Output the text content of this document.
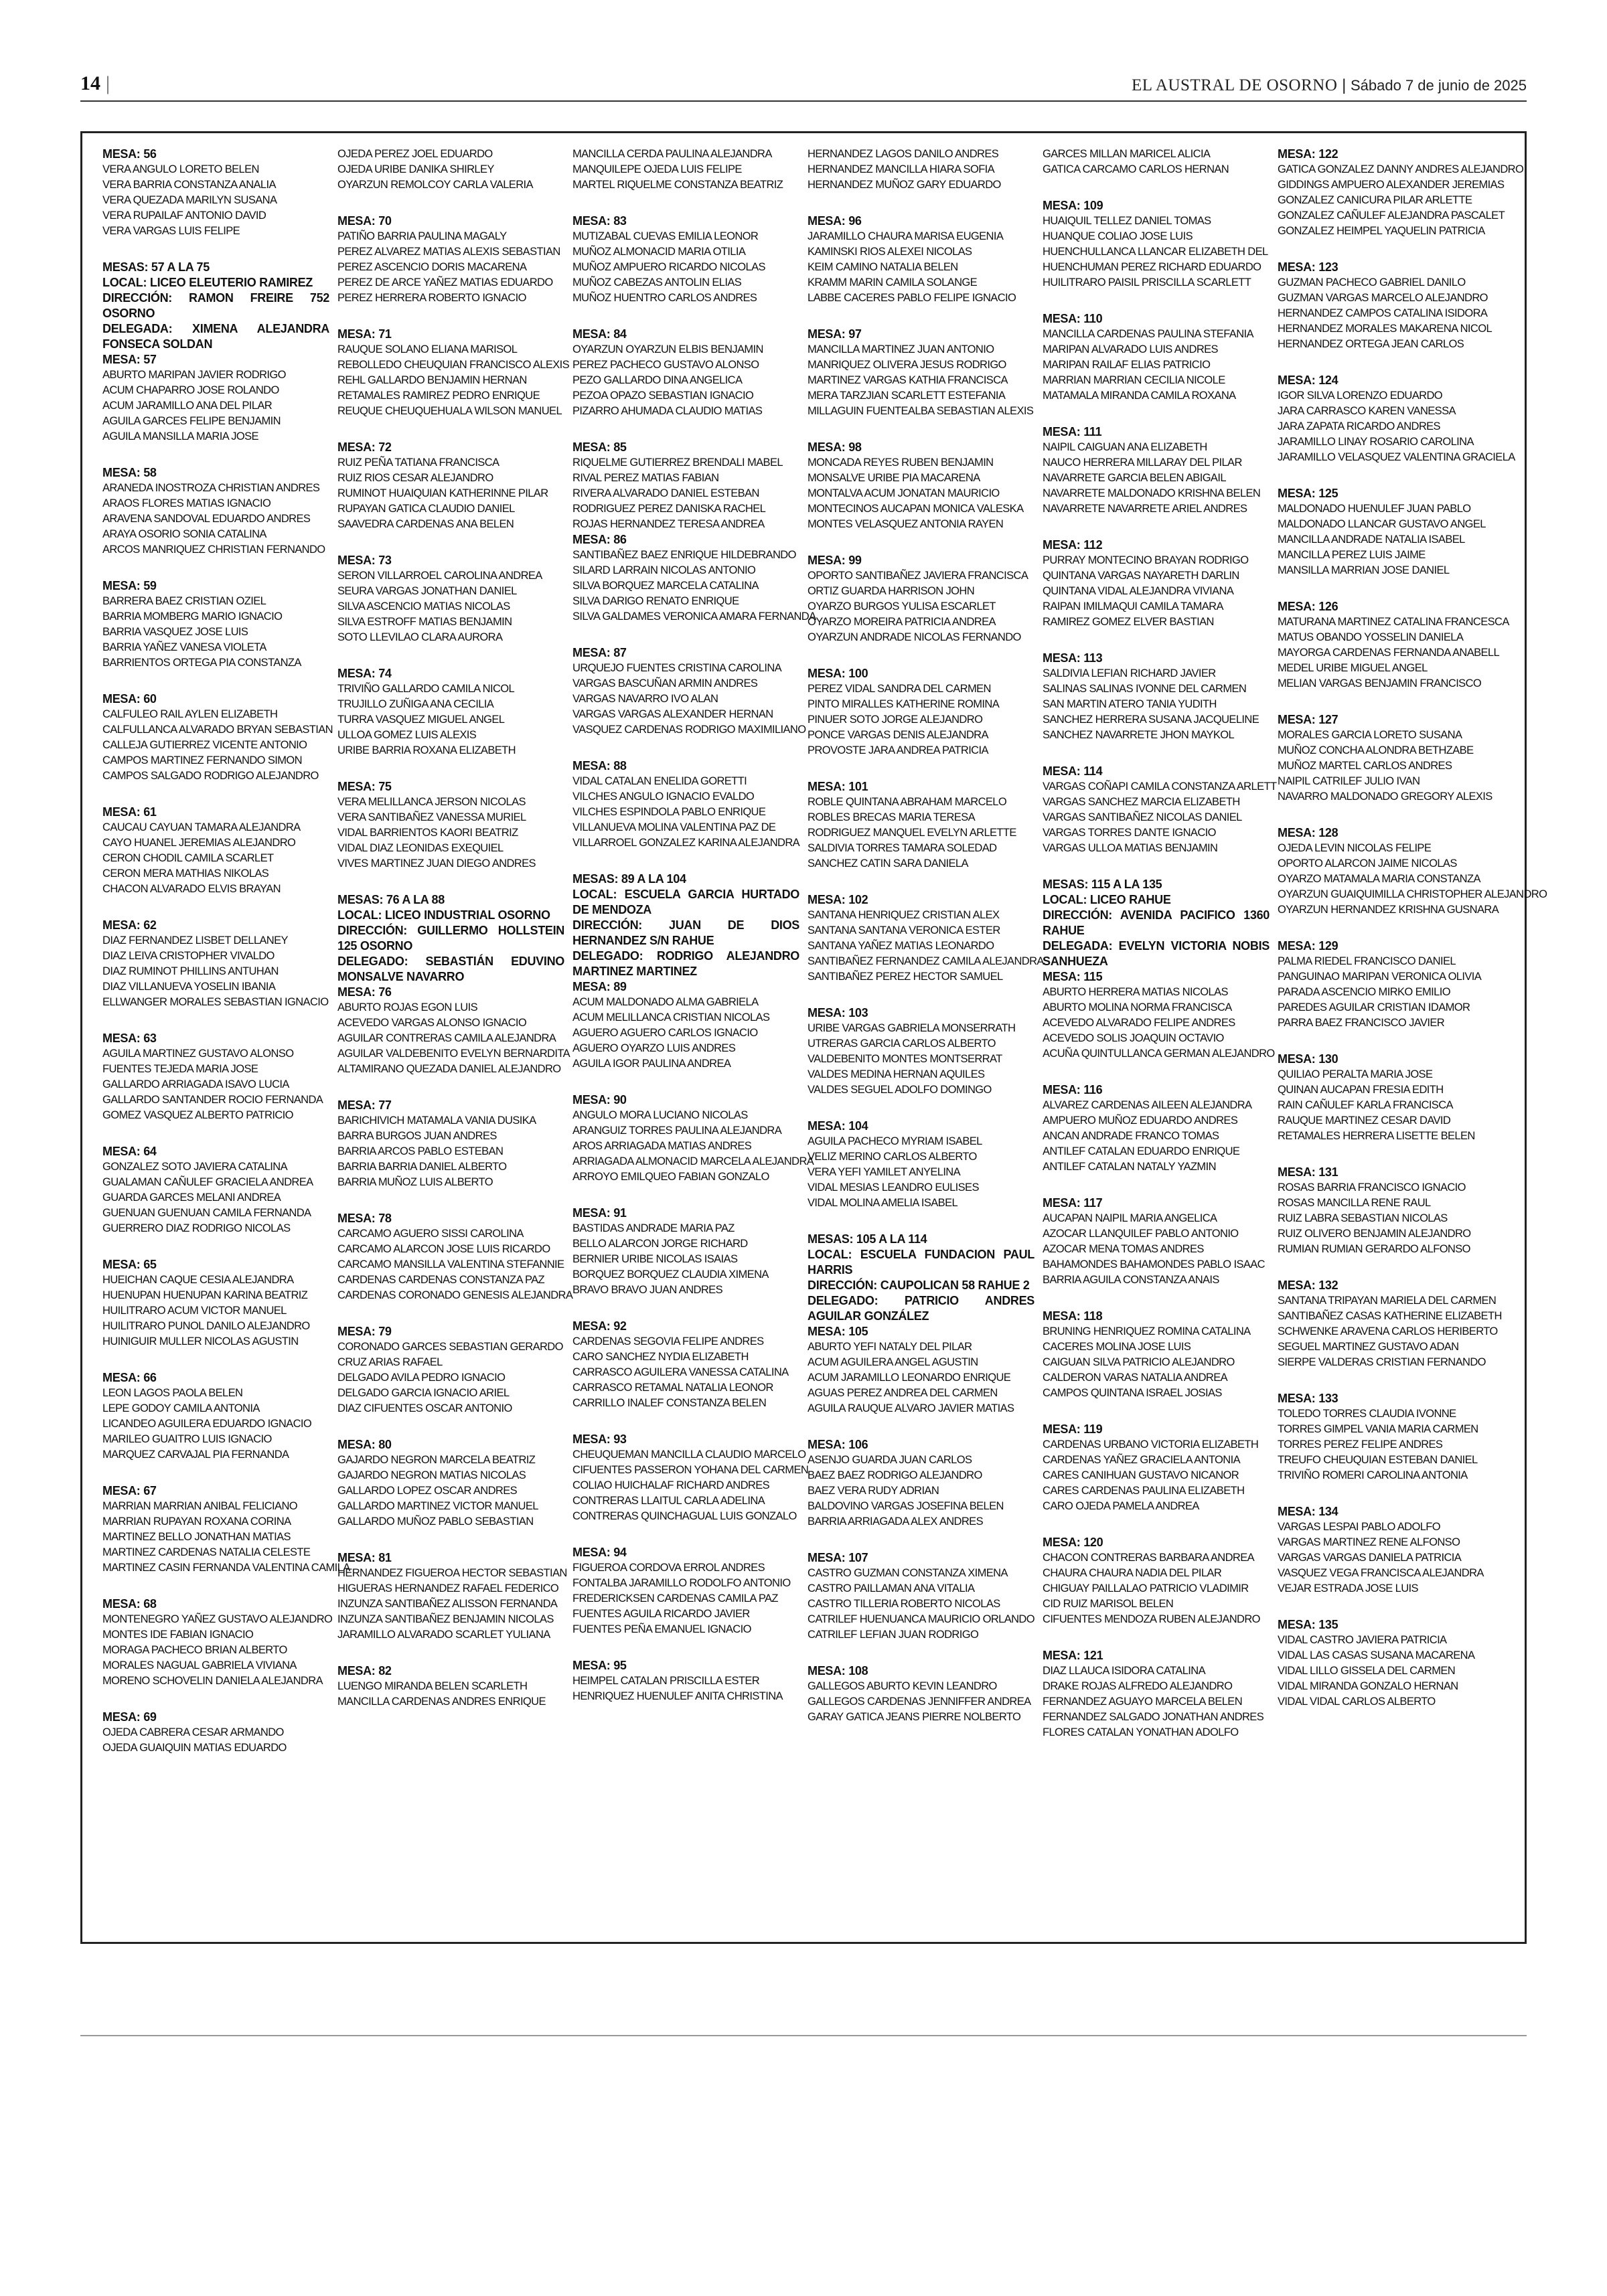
14 |	EL AUSTRAL DE OSORNO | Sábado 7 de junio de 2025
MESA: 56
VERA ANGULO LORETO BELEN
VERA BARRIA CONSTANZA ANALIA
VERA QUEZADA MARILYN SUSANA
VERA RUPAILAF ANTONIO DAVID
VERA VARGAS LUIS FELIPE
MESAS: 57 A LA 75
LOCAL: LICEO ELEUTERIO RAMIREZ
DIRECCIÓN: RAMON FREIRE 752 OSORNO
DELEGADA: XIMENA ALEJANDRA FONSECA SOLDAN
MESA: 57
ABURTO MARIPAN JAVIER RODRIGO
ACUM CHAPARRO JOSE ROLANDO
ACUM JARAMILLO ANA DEL PILAR
AGUILA GARCES FELIPE BENJAMIN
AGUILA MANSILLA MARIA JOSE
MESA: 58
ARANEDA INOSTROZA CHRISTIAN ANDRES
ARAOS FLORES MATIAS IGNACIO
ARAVENA SANDOVAL EDUARDO ANDRES
ARAYA OSORIO SONIA CATALINA
ARCOS MANRIQUEZ CHRISTIAN FERNANDO
MESA: 59
BARRERA BAEZ CRISTIAN OZIEL
BARRIA MOMBERG MARIO IGNACIO
BARRIA VASQUEZ JOSE LUIS
BARRIA YAÑEZ VANESA VIOLETA
BARRIENTOS ORTEGA PIA CONSTANZA
MESA: 60
CALFULEO RAIL AYLEN ELIZABETH
CALFULLANCA ALVARADO BRYAN SEBASTIAN
CALLEJA GUTIERREZ VICENTE ANTONIO
CAMPOS MARTINEZ FERNANDO SIMON
CAMPOS SALGADO RODRIGO ALEJANDRO
MESA: 61
CAUCAU CAYUAN TAMARA ALEJANDRA
CAYO HUANEL JEREMIAS ALEJANDRO
CERON CHODIL CAMILA SCARLET
CERON MERA MATHIAS NIKOLAS
CHACON ALVARADO ELVIS BRAYAN
MESA: 62
DIAZ FERNANDEZ LISBET DELLANEY
DIAZ LEIVA CRISTOPHER VIVALDO
DIAZ RUMINOT PHILLINS ANTUHAN
DIAZ VILLANUEVA YOSELIN IBANIA
ELLWANGER MORALES SEBASTIAN IGNACIO
MESA: 63
AGUILA MARTINEZ GUSTAVO ALONSO
FUENTES TEJEDA MARIA JOSE
GALLARDO ARRIAGADA ISAVO LUCIA
GALLARDO SANTANDER ROCIO FERNANDA
GOMEZ VASQUEZ ALBERTO PATRICIO
MESA: 64
GONZALEZ SOTO JAVIERA CATALINA
GUALAMAN CAÑULEF GRACIELA ANDREA
GUARDA GARCES MELANI ANDREA
GUENUAN GUENUAN CAMILA FERNANDA
GUERRERO DIAZ RODRIGO NICOLAS
MESA: 65
HUEICHAN CAQUE CESIA ALEJANDRA
HUENUPAN HUENUPAN KARINA BEATRIZ
HUILITRARO ACUM VICTOR MANUEL
HUILITRARO PUNOL DANILO ALEJANDRO
HUINIGUIR MULLER NICOLAS AGUSTIN
MESA: 66
LEON LAGOS PAOLA BELEN
LEPE GODOY CAMILA ANTONIA
LICANDEO AGUILERA EDUARDO IGNACIO
MARILEO GUAITRO LUIS IGNACIO
MARQUEZ CARVAJAL PIA FERNANDA
MESA: 67
MARRIAN MARRIAN ANIBAL FELICIANO
MARRIAN RUPAYAN ROXANA CORINA
MARTINEZ BELLO JONATHAN MATIAS
MARTINEZ CARDENAS NATALIA CELESTE
MARTINEZ CASIN FERNANDA VALENTINA CAMILA
MESA: 68
MONTENEGRO YAÑEZ GUSTAVO ALEJANDRO
MONTES IDE FABIAN IGNACIO
MORAGA PACHECO BRIAN ALBERTO
MORALES NAGUAL GABRIELA VIVIANA
MORENO SCHOVELIN DANIELA ALEJANDRA
MESA: 69
OJEDA CABRERA CESAR ARMANDO
OJEDA GUAIQUIN MATIAS EDUARDO
OJEDA PEREZ JOEL EDUARDO
OJEDA URIBE DANIKA SHIRLEY
OYARZUN REMOLCOY CARLA VALERIA
MESA: 70
PATIÑO BARRIA PAULINA MAGALY
PEREZ ALVAREZ MATIAS ALEXIS SEBASTIAN
PEREZ ASCENCIO DORIS MACARENA
PEREZ DE ARCE YAÑEZ MATIAS EDUARDO
PEREZ HERRERA ROBERTO IGNACIO
MESA: 71
RAUQUE SOLANO ELIANA MARISOL
REBOLLEDO CHEUQUIAN FRANCISCO ALEXIS
REHL GALLARDO BENJAMIN HERNAN
RETAMALES RAMIREZ PEDRO ENRIQUE
REUQUE CHEUQUEHUALA WILSON MANUEL
MESA: 72
RUIZ PEÑA TATIANA FRANCISCA
RUIZ RIOS CESAR ALEJANDRO
RUMINOT HUAIQUIAN KATHERINNE PILAR
RUPAYAN GATICA CLAUDIO DANIEL
SAAVEDRA CARDENAS ANA BELEN
MESA: 73
SERON VILLARROEL CAROLINA ANDREA
SEURA VARGAS JONATHAN DANIEL
SILVA ASCENCIO MATIAS NICOLAS
SILVA ESTROFF MATIAS BENJAMIN
SOTO LLEVILAO CLARA AURORA
MESA: 74
TRIVIÑO GALLARDO CAMILA NICOL
TRUJILLO ZUÑIGA ANA CECILIA
TURRA VASQUEZ MIGUEL ANGEL
ULLOA GOMEZ LUIS ALEXIS
URIBE BARRIA ROXANA ELIZABETH
MESA: 75
VERA MELILLANCA JERSON NICOLAS
VERA SANTIBAÑEZ VANESSA MURIEL
VIDAL BARRIENTOS KAORI BEATRIZ
VIDAL DIAZ LEONIDAS EXEQUIEL
VIVES MARTINEZ JUAN DIEGO ANDRES
MESAS: 76 A LA 88
LOCAL: LICEO INDUSTRIAL OSORNO
DIRECCIÓN: GUILLERMO HOLLSTEIN 125 OSORNO
DELEGADO: SEBASTIÁN EDUVINO MONSALVE NAVARRO
MESA: 76
ABURTO ROJAS EGON LUIS
ACEVEDO VARGAS ALONSO IGNACIO
AGUILAR CONTRERAS CAMILA ALEJANDRA
AGUILAR VALDEBENITO EVELYN BERNARDITA
ALTAMIRANO QUEZADA DANIEL ALEJANDRO
MESA: 77
BARICHIVICH MATAMALA VANIA DUSIKA
BARRA BURGOS JUAN ANDRES
BARRIA ARCOS PABLO ESTEBAN
BARRIA BARRIA DANIEL ALBERTO
BARRIA MUÑOZ LUIS ALBERTO
MESA: 78
CARCAMO AGUERO SISSI CAROLINA
CARCAMO ALARCON JOSE LUIS RICARDO
CARCAMO MANSILLA VALENTINA STEFANNIE
CARDENAS CARDENAS CONSTANZA PAZ
CARDENAS CORONADO GENESIS ALEJANDRA
MESA: 79
CORONADO GARCES SEBASTIAN GERARDO
CRUZ ARIAS RAFAEL
DELGADO AVILA PEDRO IGNACIO
DELGADO GARCIA IGNACIO ARIEL
DIAZ CIFUENTES OSCAR ANTONIO
MESA: 80
GAJARDO NEGRON MARCELA BEATRIZ
GAJARDO NEGRON MATIAS NICOLAS
GALLARDO LOPEZ OSCAR ANDRES
GALLARDO MARTINEZ VICTOR MANUEL
GALLARDO MUÑOZ PABLO SEBASTIAN
MESA: 81
HERNANDEZ FIGUEROA HECTOR SEBASTIAN
HIGUERAS HERNANDEZ RAFAEL FEDERICO
INZUNZA SANTIBAÑEZ ALISSON FERNANDA
INZUNZA SANTIBAÑEZ BENJAMIN NICOLAS
JARAMILLO ALVARADO SCARLET YULIANA
MESA: 82
LUENGO MIRANDA BELEN SCARLETH
MANCILLA CARDENAS ANDRES ENRIQUE
MANCILLA CERDA PAULINA ALEJANDRA
MANQUILEPE OJEDA LUIS FELIPE
MARTEL RIQUELME CONSTANZA BEATRIZ
MESA: 83
MUTIZABAL CUEVAS EMILIA LEONOR
MUÑOZ ALMONACID MARIA OTILIA
MUÑOZ AMPUERO RICARDO NICOLAS
MUÑOZ CABEZAS ANTOLIN ELIAS
MUÑOZ HUENTRO CARLOS ANDRES
MESA: 84
OYARZUN OYARZUN ELBIS BENJAMIN
PEREZ PACHECO GUSTAVO ALONSO
PEZO GALLARDO DINA ANGELICA
PEZOA OPAZO SEBASTIAN IGNACIO
PIZARRO AHUMADA CLAUDIO MATIAS
MESA: 85
RIQUELME GUTIERREZ BRENDALI MABEL
RIVAL PEREZ MATIAS FABIAN
RIVERA ALVARADO DANIEL ESTEBAN
RODRIGUEZ PEREZ DANISKA RACHEL
ROJAS HERNANDEZ TERESA ANDREA
MESA: 86
SANTIBAÑEZ BAEZ ENRIQUE HILDEBRANDO
SILARD LARRAIN NICOLAS ANTONIO
SILVA BORQUEZ MARCELA CATALINA
SILVA DARIGO RENATO ENRIQUE
SILVA GALDAMES VERONICA AMARA FERNANDA
MESA: 87
URQUEJO FUENTES CRISTINA CAROLINA
VARGAS BASCUÑAN ARMIN ANDRES
VARGAS NAVARRO IVO ALAN
VARGAS VARGAS ALEXANDER HERNAN
VASQUEZ CARDENAS RODRIGO MAXIMILIANO
MESA: 88
VIDAL CATALAN ENELIDA GORETTI
VILCHES ANGULO IGNACIO EVALDO
VILCHES ESPINDOLA PABLO ENRIQUE
VILLANUEVA MOLINA VALENTINA PAZ DE
VILLARROEL GONZALEZ KARINA ALEJANDRA
MESAS: 89 A LA 104
LOCAL: ESCUELA GARCIA HURTADO DE MENDOZA
DIRECCIÓN: JUAN DE DIOS HERNANDEZ S/N RAHUE
DELEGADO: RODRIGO ALEJANDRO MARTINEZ MARTINEZ
MESA: 89
ACUM MALDONADO ALMA GABRIELA
ACUM MELILLANCA CRISTIAN NICOLAS
AGUERO AGUERO CARLOS IGNACIO
AGUERO OYARZO LUIS ANDRES
AGUILA IGOR PAULINA ANDREA
MESA: 90
ANGULO MORA LUCIANO NICOLAS
ARANGUIZ TORRES PAULINA ALEJANDRA
AROS ARRIAGADA MATIAS ANDRES
ARRIAGADA ALMONACID MARCELA ALEJANDRA
ARROYO EMILQUEO FABIAN GONZALO
MESA: 91
BASTIDAS ANDRADE MARIA PAZ
BELLO ALARCON JORGE RICHARD
BERNIER URIBE NICOLAS ISAIAS
BORQUEZ BORQUEZ CLAUDIA XIMENA
BRAVO BRAVO JUAN ANDRES
MESA: 92
CARDENAS SEGOVIA FELIPE ANDRES
CARO SANCHEZ NYDIA ELIZABETH
CARRASCO AGUILERA VANESSA CATALINA
CARRASCO RETAMAL NATALIA LEONOR
CARRILLO INALEF CONSTANZA BELEN
MESA: 93
CHEUQUEMAN MANCILLA CLAUDIO MARCELO
CIFUENTES PASSERON YOHANA DEL CARMEN
COLIAO HUICHALAF RICHARD ANDRES
CONTRERAS LLAITUL CARLA ADELINA
CONTRERAS QUINCHAGUAL LUIS GONZALO
MESA: 94
FIGUEROA CORDOVA ERROL ANDRES
FONTALBA JARAMILLO RODOLFO ANTONIO
FREDERICKSEN CARDENAS CAMILA PAZ
FUENTES AGUILA RICARDO JAVIER
FUENTES PEÑA EMANUEL IGNACIO
MESA: 95
HEIMPEL CATALAN PRISCILLA ESTER
HENRIQUEZ HUENULEF ANITA CHRISTINA
HERNANDEZ LAGOS DANILO ANDRES
HERNANDEZ MANCILLA HIARA SOFIA
HERNANDEZ MUÑOZ GARY EDUARDO
MESA: 96
JARAMILLO CHAURA MARISA EUGENIA
KAMINSKI RIOS ALEXEI NICOLAS
KEIM CAMINO NATALIA BELEN
KRAMM MARIN CAMILA SOLANGE
LABBE CACERES PABLO FELIPE IGNACIO
MESA: 97
MANCILLA MARTINEZ JUAN ANTONIO
MANRIQUEZ OLIVERA JESUS RODRIGO
MARTINEZ VARGAS KATHIA FRANCISCA
MERA TARZJIAN SCARLETT ESTEFANIA
MILLAGUIN FUENTEALBA SEBASTIAN ALEXIS
MESA: 98
MONCADA REYES RUBEN BENJAMIN
MONSALVE URIBE PIA MACARENA
MONTALVA ACUM JONATAN MAURICIO
MONTECINOS AUCAPAN MONICA VALESKA
MONTES VELASQUEZ ANTONIA RAYEN
MESA: 99
OPORTO SANTIBAÑEZ JAVIERA FRANCISCA
ORTIZ GUARDA HARRISON JOHN
OYARZO BURGOS YULISA ESCARLET
OYARZO MOREIRA PATRICIA ANDREA
OYARZUN ANDRADE NICOLAS FERNANDO
MESA: 100
PEREZ VIDAL SANDRA DEL CARMEN
PINTO MIRALLES KATHERINE ROMINA
PINUER SOTO JORGE ALEJANDRO
PONCE VARGAS DENIS ALEJANDRA
PROVOSTE JARA ANDREA PATRICIA
MESA: 101
ROBLE QUINTANA ABRAHAM MARCELO
ROBLES BRECAS MARIA TERESA
RODRIGUEZ MANQUEL EVELYN ARLETTE
SALDIVIA TORRES TAMARA SOLEDAD
SANCHEZ CATIN SARA DANIELA
MESA: 102
SANTANA HENRIQUEZ CRISTIAN ALEX
SANTANA SANTANA VERONICA ESTER
SANTANA YAÑEZ MATIAS LEONARDO
SANTIBAÑEZ FERNANDEZ CAMILA ALEJANDRA
SANTIBAÑEZ PEREZ HECTOR SAMUEL
MESA: 103
URIBE VARGAS GABRIELA MONSERRATH
UTRERAS GARCIA CARLOS ALBERTO
VALDEBENITO MONTES MONTSERRAT
VALDES MEDINA HERNAN AQUILES
VALDES SEGUEL ADOLFO DOMINGO
MESA: 104
AGUILA PACHECO MYRIAM ISABEL
VELIZ MERINO CARLOS ALBERTO
VERA YEFI YAMILET ANYELINA
VIDAL MESIAS LEANDRO EULISES
VIDAL MOLINA AMELIA ISABEL
MESAS: 105 A LA 114
LOCAL: ESCUELA FUNDACION PAUL HARRIS
DIRECCIÓN: CAUPOLICAN 58 RAHUE 2
DELEGADO: PATRICIO ANDRES AGUILAR GONZÁLEZ
MESA: 105
ABURTO YEFI NATALY DEL PILAR
ACUM AGUILERA ANGEL AGUSTIN
ACUM JARAMILLO LEONARDO ENRIQUE
AGUAS PEREZ ANDREA DEL CARMEN
AGUILA RAUQUE ALVARO JAVIER MATIAS
MESA: 106
ASENJO GUARDA JUAN CARLOS
BAEZ BAEZ RODRIGO ALEJANDRO
BAEZ VERA RUDY ADRIAN
BALDOVINO VARGAS JOSEFINA BELEN
BARRIA ARRIAGADA ALEX ANDRES
MESA: 107
CASTRO GUZMAN CONSTANZA XIMENA
CASTRO PAILLAMAN ANA VITALIA
CASTRO TILLERIA ROBERTO NICOLAS
CATRILEF HUENUANCA MAURICIO ORLANDO
CATRILEF LEFIAN JUAN RODRIGO
MESA: 108
GALLEGOS ABURTO KEVIN LEANDRO
GALLEGOS CARDENAS JENNIFFER ANDREA
GARAY GATICA JEANS PIERRE NOLBERTO
GARCES MILLAN MARICEL ALICIA
GATICA CARCAMO CARLOS HERNAN
MESA: 109
HUAIQUIL TELLEZ DANIEL TOMAS
HUANQUE COLIAO JOSE LUIS
HUENCHULLANCA LLANCAR ELIZABETH DEL
HUENCHUMAN PEREZ RICHARD EDUARDO
HUILITRARO PAISIL PRISCILLA SCARLETT
MESA: 110
MANCILLA CARDENAS PAULINA STEFANIA
MARIPAN ALVARADO LUIS ANDRES
MARIPAN RAILAF ELIAS PATRICIO
MARRIAN MARRIAN CECILIA NICOLE
MATAMALA MIRANDA CAMILA ROXANA
MESA: 111
NAIPIL CAIGUAN ANA ELIZABETH
NAUCO HERRERA MILLARAY DEL PILAR
NAVARRETE GARCIA BELEN ABIGAIL
NAVARRETE MALDONADO KRISHNA BELEN
NAVARRETE NAVARRETE ARIEL ANDRES
MESA: 112
PURRAY MONTECINO BRAYAN RODRIGO
QUINTANA VARGAS NAYARETH DARLIN
QUINTANA VIDAL ALEJANDRA VIVIANA
RAIPAN IMILMAQUI CAMILA TAMARA
RAMIREZ GOMEZ ELVER BASTIAN
MESA: 113
SALDIVIA LEFIAN RICHARD JAVIER
SALINAS SALINAS IVONNE DEL CARMEN
SAN MARTIN ATERO TANIA YUDITH
SANCHEZ HERRERA SUSANA JACQUELINE
SANCHEZ NAVARRETE JHON MAYKOL
MESA: 114
VARGAS COÑAPI CAMILA CONSTANZA ARLETT
VARGAS SANCHEZ MARCIA ELIZABETH
VARGAS SANTIBAÑEZ NICOLAS DANIEL
VARGAS TORRES DANTE IGNACIO
VARGAS ULLOA MATIAS BENJAMIN
MESAS: 115 A LA 135
LOCAL: LICEO RAHUE
DIRECCIÓN: AVENIDA PACIFICO 1360 RAHUE
DELEGADA: EVELYN VICTORIA NOBIS SANHUEZA
MESA: 115
ABURTO HERRERA MATIAS NICOLAS
ABURTO MOLINA NORMA FRANCISCA
ACEVEDO ALVARADO FELIPE ANDRES
ACEVEDO SOLIS JOAQUIN OCTAVIO
ACUÑA QUINTULLANCA GERMAN ALEJANDRO
MESA: 116
ALVAREZ CARDENAS AILEEN ALEJANDRA
AMPUERO MUÑOZ EDUARDO ANDRES
ANCAN ANDRADE FRANCO TOMAS
ANTILEF CATALAN EDUARDO ENRIQUE
ANTILEF CATALAN NATALY YAZMIN
MESA: 117
AUCAPAN NAIPIL MARIA ANGELICA
AZOCAR LLANQUILEF PABLO ANTONIO
AZOCAR MENA TOMAS ANDRES
BAHAMONDES BAHAMONDES PABLO ISAAC
BARRIA AGUILA CONSTANZA ANAIS
MESA: 118
BRUNING HENRIQUEZ ROMINA CATALINA
CACERES MOLINA JOSE LUIS
CAIGUAN SILVA PATRICIO ALEJANDRO
CALDERON VARAS NATALIA ANDREA
CAMPOS QUINTANA ISRAEL JOSIAS
MESA: 119
CARDENAS URBANO VICTORIA ELIZABETH
CARDENAS YAÑEZ GRACIELA ANTONIA
CARES CANIHUAN GUSTAVO NICANOR
CARES CARDENAS PAULINA ELIZABETH
CARO OJEDA PAMELA ANDREA
MESA: 120
CHACON CONTRERAS BARBARA ANDREA
CHAURA CHAURA NADIA DEL PILAR
CHIGUAY PAILLALAO PATRICIO VLADIMIR
CID RUIZ MARISOL BELEN
CIFUENTES MENDOZA RUBEN ALEJANDRO
MESA: 121
DIAZ LLAUCA ISIDORA CATALINA
DRAKE ROJAS ALFREDO ALEJANDRO
FERNANDEZ AGUAYO MARCELA BELEN
FERNANDEZ SALGADO JONATHAN ANDRES
FLORES CATALAN YONATHAN ADOLFO
MESA: 122
GATICA GONZALEZ DANNY ANDRES ALEJANDRO
GIDDINGS AMPUERO ALEXANDER JEREMIAS
GONZALEZ CANICURA PILAR ARLETTE
GONZALEZ CAÑULEF ALEJANDRA PASCALET
GONZALEZ HEIMPEL YAQUELIN PATRICIA
MESA: 123
GUZMAN PACHECO GABRIEL DANILO
GUZMAN VARGAS MARCELO ALEJANDRO
HERNANDEZ CAMPOS CATALINA ISIDORA
HERNANDEZ MORALES MAKARENA NICOL
HERNANDEZ ORTEGA JEAN CARLOS
MESA: 124
IGOR SILVA LORENZO EDUARDO
JARA CARRASCO KAREN VANESSA
JARA ZAPATA RICARDO ANDRES
JARAMILLO LINAY ROSARIO CAROLINA
JARAMILLO VELASQUEZ VALENTINA GRACIELA
MESA: 125
MALDONADO HUENULEF JUAN PABLO
MALDONADO LLANCAR GUSTAVO ANGEL
MANCILLA ANDRADE NATALIA ISABEL
MANCILLA PEREZ LUIS JAIME
MANSILLA MARRIAN JOSE DANIEL
MESA: 126
MATURANA MARTINEZ CATALINA FRANCESCA
MATUS OBANDO YOSSELIN DANIELA
MAYORGA CARDENAS FERNANDA ANABELL
MEDEL URIBE MIGUEL ANGEL
MELIAN VARGAS BENJAMIN FRANCISCO
MESA: 127
MORALES GARCIA LORETO SUSANA
MUÑOZ CONCHA ALONDRA BETHZABE
MUÑOZ MARTEL CARLOS ANDRES
NAIPIL CATRILEF JULIO IVAN
NAVARRO MALDONADO GREGORY ALEXIS
MESA: 128
OJEDA LEVIN NICOLAS FELIPE
OPORTO ALARCON JAIME NICOLAS
OYARZO MATAMALA MARIA CONSTANZA
OYARZUN GUAIQUIMILLA CHRISTOPHER ALEJANDRO
OYARZUN HERNANDEZ KRISHNA GUSNARA
MESA: 129
PALMA RIEDEL FRANCISCO DANIEL
PANGUINAO MARIPAN VERONICA OLIVIA
PARADA ASCENCIO MIRKO EMILIO
PAREDES AGUILAR CRISTIAN IDAMOR
PARRA BAEZ FRANCISCO JAVIER
MESA: 130
QUILIAO PERALTA MARIA JOSE
QUINAN AUCAPAN FRESIA EDITH
RAIN CAÑULEF KARLA FRANCISCA
RAUQUE MARTINEZ CESAR DAVID
RETAMALES HERRERA LISETTE BELEN
MESA: 131
ROSAS BARRIA FRANCISCO IGNACIO
ROSAS MANCILLA RENE RAUL
RUIZ LABRA SEBASTIAN NICOLAS
RUIZ OLIVERO BENJAMIN ALEJANDRO
RUMIAN RUMIAN GERARDO ALFONSO
MESA: 132
SANTANA TRIPAYAN MARIELA DEL CARMEN
SANTIBAÑEZ CASAS KATHERINE ELIZABETH
SCHWENKE ARAVENA CARLOS HERIBERTO
SEGUEL MARTINEZ GUSTAVO ADAN
SIERPE VALDERAS CRISTIAN FERNANDO
MESA: 133
TOLEDO TORRES CLAUDIA IVONNE
TORRES GIMPEL VANIA MARIA CARMEN
TORRES PEREZ FELIPE ANDRES
TREUFO CHEUQUIAN ESTEBAN DANIEL
TRIVIÑO ROMERI CAROLINA ANTONIA
MESA: 134
VARGAS LESPAI PABLO ADOLFO
VARGAS MARTINEZ RENE ALFONSO
VARGAS VARGAS DANIELA PATRICIA
VASQUEZ VEGA FRANCISCA ALEJANDRA
VEJAR ESTRADA JOSE LUIS
MESA: 135
VIDAL CASTRO JAVIERA PATRICIA
VIDAL LAS CASAS SUSANA MACARENA
VIDAL LILLO GISSELA DEL CARMEN
VIDAL MIRANDA GONZALO HERNAN
VIDAL VIDAL CARLOS ALBERTO
